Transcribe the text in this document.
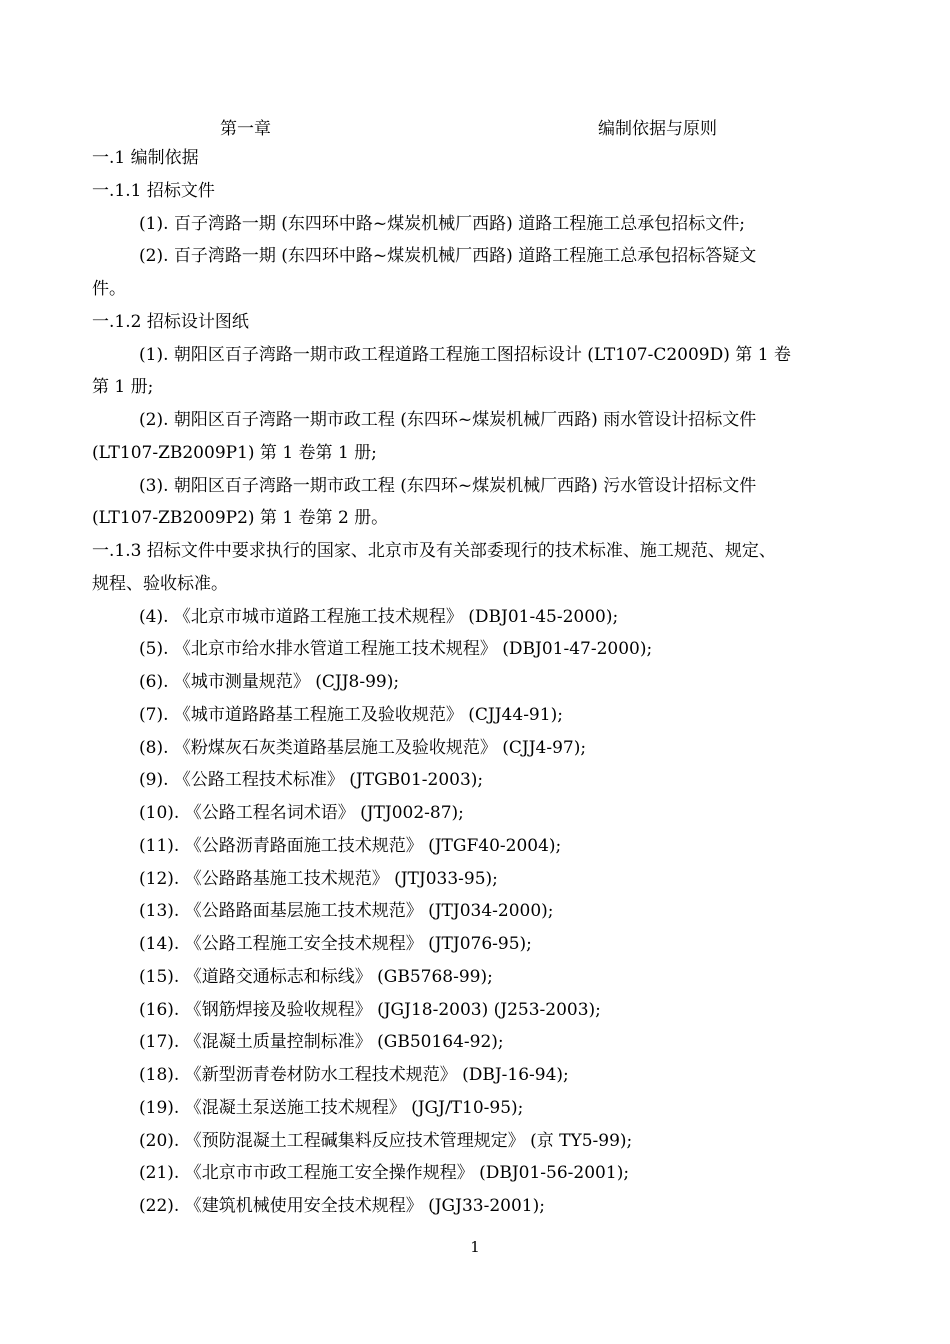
第一章	编制依据与原则
一.1 编制依据
一.1.1 招标文件
(1). 百子湾路一期 (东四环中路~煤炭机械厂西路) 道路工程施工总承包招标文件;
(2). 百子湾路一期 (东四环中路~煤炭机械厂西路) 道路工程施工总承包招标答疑文
件。
一.1.2 招标设计图纸
(1). 朝阳区百子湾路一期市政工程道路工程施工图招标设计 (LT107-C2009D) 第 1 卷
第 1 册;
(2). 朝阳区百子湾路一期市政工程 (东四环~煤炭机械厂西路) 雨水管设计招标文件
(LT107-ZB2009P1) 第 1 卷第 1 册;
(3). 朝阳区百子湾路一期市政工程 (东四环~煤炭机械厂西路) 污水管设计招标文件
(LT107-ZB2009P2) 第 1 卷第 2 册。
一.1.3 招标文件中要求执行的国家、北京市及有关部委现行的技术标准、施工规范、规定、
规程、验收标准。
(4). 《北京市城市道路工程施工技术规程》 (DBJ01-45-2000);
(5). 《北京市给水排水管道工程施工技术规程》 (DBJ01-47-2000);
(6). 《城市测量规范》 (CJJ8-99);
(7). 《城市道路路基工程施工及验收规范》 (CJJ44-91);
(8). 《粉煤灰石灰类道路基层施工及验收规范》 (CJJ4-97);
(9). 《公路工程技术标准》 (JTGB01-2003);
(10). 《公路工程名词术语》 (JTJ002-87);
(11). 《公路沥青路面施工技术规范》 (JTGF40-2004);
(12). 《公路路基施工技术规范》 (JTJ033-95);
(13). 《公路路面基层施工技术规范》 (JTJ034-2000);
(14). 《公路工程施工安全技术规程》 (JTJ076-95);
(15). 《道路交通标志和标线》 (GB5768-99);
(16). 《钢筋焊接及验收规程》 (JGJ18-2003) (J253-2003);
(17). 《混凝土质量控制标准》 (GB50164-92);
(18). 《新型沥青卷材防水工程技术规范》 (DBJ-16-94);
(19). 《混凝土泵送施工技术规程》 (JGJ/T10-95);
(20). 《预防混凝土工程碱集料反应技术管理规定》 (京 TY5-99);
(21). 《北京市市政工程施工安全操作规程》 (DBJ01-56-2001);
(22). 《建筑机械使用安全技术规程》 (JGJ33-2001);
1
